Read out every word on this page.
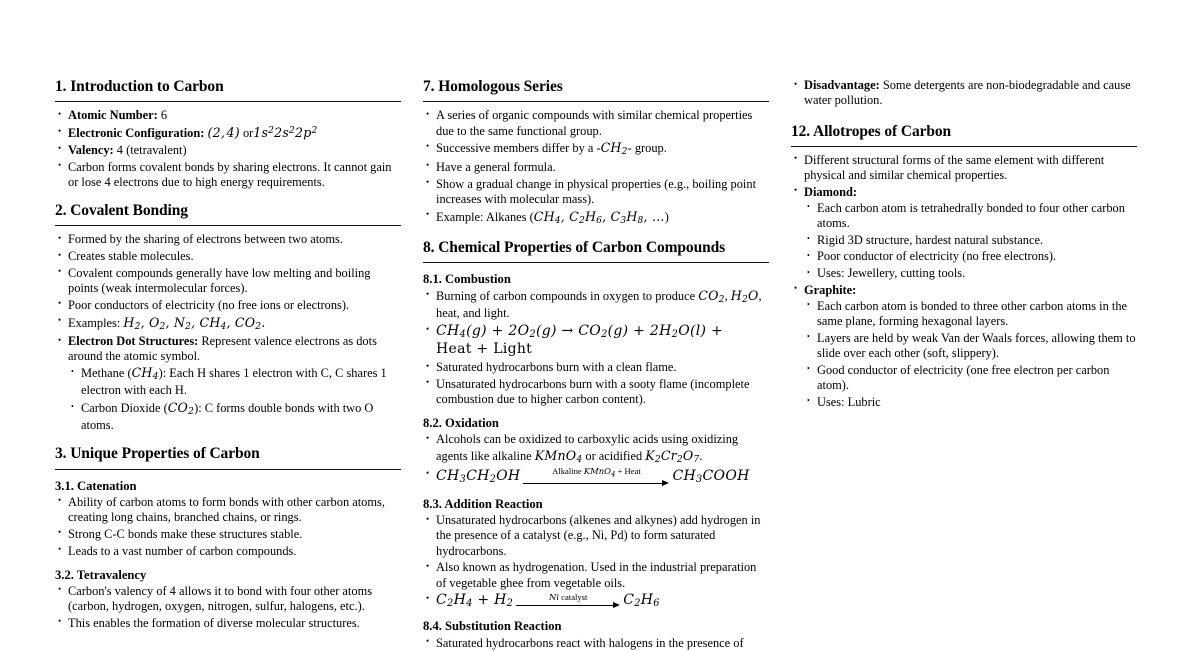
1. Introduction to Carbon
• Atomic Number: 6
• Electronic Configuration: (2, 4) $or1s^22s^22p^2$
• Valency: 4 (tetravalent)
• Carbon forms covalent bonds by sharing electrons. It cannot gain or lose 4 electrons due to high energy requirements.
2. Covalent Bonding
• Formed by the sharing of electrons between two atoms.
• Creates stable molecules.
• Covalent compounds generally have low melting and boiling points (weak intermolecular forces).
• Poor conductors of electricity (no free ions or electrons).
• Examples: $H_2$, $O_2$, $N_2$, $CH_4$, $CO_2$.
• Electron Dot Structures: Represent valence electrons as dots around the atomic symbol.
• Methane $(CH_4)$: Each H shares 1 electron with C, C shares 1 electron with each H.
• Carbon Dioxide $(CO_2)$: C forms double bonds with two O atoms.
3. Unique Properties of Carbon
3.1. Catenation
• Ability of carbon atoms to form bonds with other carbon atoms, creating long chains, branched chains, or rings.
• Strong C-C bonds make these structures stable.
• Leads to a vast number of carbon compounds.
3.2. Tetravalency
• Carbon's valency of 4 allows it to bond with four other atoms (carbon, hydrogen, oxygen, nitrogen, sulfur, halogens, etc.).
• This enables the formation of diverse molecular structures.
7. Homologous Series
• A series of organic compounds with similar chemical properties due to the same functional group.
• Successive members differ by a $-CH_2-$ group.
• Have a general formula.
• Show a gradual change in physical properties (e.g., boiling point increases with molecular mass).
• Example: Alkanes ($CH_4$, $C_2H_6$, $C_3H_8$, …)
8. Chemical Properties of Carbon Compounds
8.1. Combustion
• Burning of carbon compounds in oxygen to produce $CO_2$, $H_2O$, heat, and light.
• $CH_4(g) + 2O_2(g) \to CO_2(g) + 2H_2O(l)$ +
Heat + Light
• Saturated hydrocarbons burn with a clean flame.
• Unsaturated hydrocarbons burn with a sooty flame (incomplete combustion due to higher carbon content).
8.2. Oxidation
• Alcohols can be oxidized to carboxylic acids using oxidizing agents like alkaline KMnO$_4$ or acidified $K_2Cr_2O_7$.
• $CH_3CH_2OH$	Alkaline KMnO$_4$ + Heat	$CH_3COOH$
8.3. Addition Reaction
• Unsaturated hydrocarbons (alkenes and alkynes) add hydrogen in the presence of a catalyst (e.g., Ni, Pd) to form saturated hydrocarbons.
• Also known as hydrogenation. Used in the industrial preparation of vegetable ghee from vegetable oils.
• $C_2H_4 + H_2$
Ni catalyst	$C_2H_6$
8.4. Substitution Reaction
• Saturated hydrocarbons react with halogens in the presence of
• Disadvantage: Some detergents are non-biodegradable and cause water pollution.
12. Allotropes of Carbon
• Different structural forms of the same element with different physical and similar chemical properties.
• Diamond:
• Each carbon atom is tetrahedrally bonded to four other carbon atoms.
• Rigid 3D structure, hardest natural substance.
• Poor conductor of electricity (no free electrons).
• Uses: Jewellery, cutting tools.
• Graphite:
• Each carbon atom is bonded to three other carbon atoms in the same plane, forming hexagonal layers.
• Layers are held by weak Van der Waals forces, allowing them to slide over each other (soft, slippery).
• Good conductor of electricity (one free electron per carbon atom).
• Uses: Lubric
